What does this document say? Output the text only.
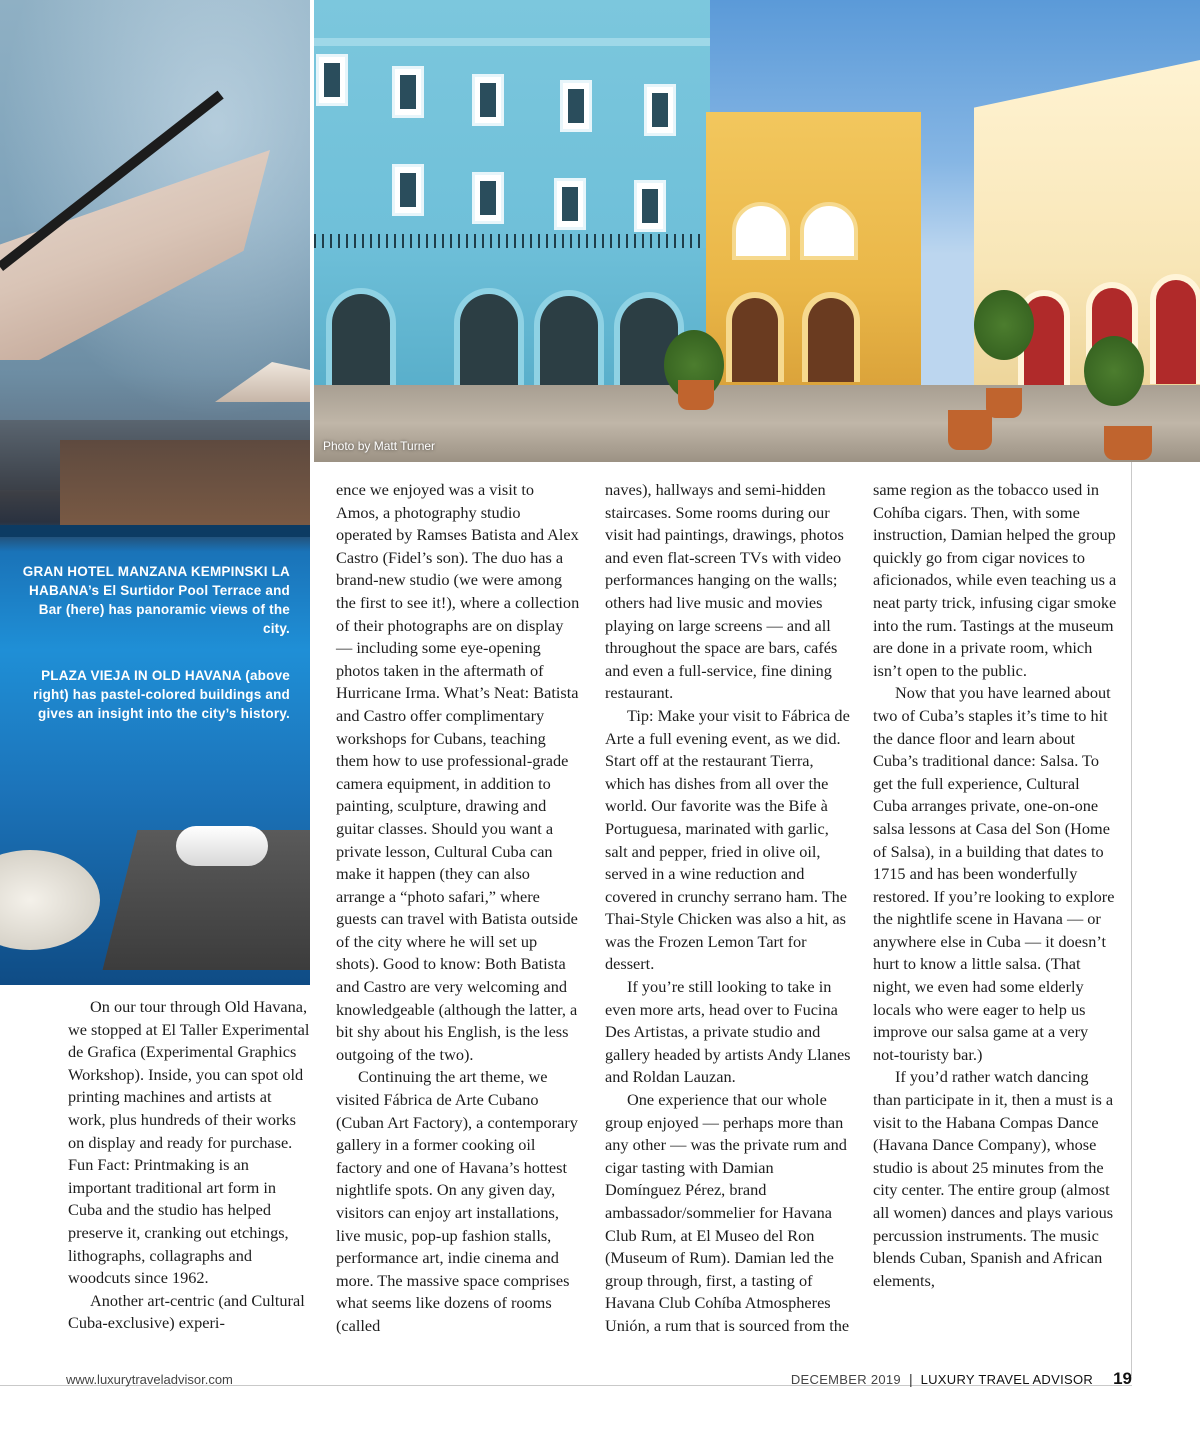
GRAN HOTEL MANZANA KEMPINSKI LA HABANA’s El Surtidor Pool Terrace and Bar (here) has panoramic views of the city.
PLAZA VIEJA IN OLD HAVANA (above right) has pastel-colored buildings and gives an insight into the city’s history.
Photo by Matt Turner

On our tour through Old Havana, we stopped at El Taller Experimental de Grafica (Experimental Graphics Workshop). Inside, you can spot old printing machines and artists at work, plus hundreds of their works on display and ready for purchase. Fun Fact: Printmaking is an important traditional art form in Cuba and the studio has helped preserve it, cranking out etchings, lithographs, collagraphs and woodcuts since 1962.

Another art-centric (and Cultural Cuba-exclusive) experi-

ence we enjoyed was a visit to Amos, a photography studio operated by Ramses Batista and Alex Castro (Fidel’s son). The duo has a brand-new studio (we were among the first to see it!), where a collection of their photographs are on display — including some eye-opening photos taken in the aftermath of Hurricane Irma. What’s Neat: Batista and Castro offer complimentary workshops for Cubans, teaching them how to use professional-grade camera equipment, in addition to painting, sculpture, drawing and guitar classes. Should you want a private lesson, Cultural Cuba can make it happen (they can also arrange a “photo safari,” where guests can travel with Batista outside of the city where he will set up shots). Good to know: Both Batista and Castro are very welcoming and knowledgeable (although the latter, a bit shy about his English, is the less outgoing of the two).

Continuing the art theme, we visited Fábrica de Arte Cubano (Cuban Art Factory), a contemporary gallery in a former cooking oil factory and one of Havana’s hottest nightlife spots. On any given day, visitors can enjoy art installations, live music, pop-up fashion stalls, performance art, indie cinema and more. The massive space comprises what seems like dozens of rooms (called

naves), hallways and semi-hidden staircases. Some rooms during our visit had paintings, drawings, photos and even flat-screen TVs with video performances hanging on the walls; others had live music and movies playing on large screens — and all throughout the space are bars, cafés and even a full-service, fine dining restaurant.

Tip: Make your visit to Fábrica de Arte a full evening event, as we did. Start off at the restaurant Tierra, which has dishes from all over the world. Our favorite was the Bife à Portuguesa, marinated with garlic, salt and pepper, fried in olive oil, served in a wine reduction and covered in crunchy serrano ham. The Thai-Style Chicken was also a hit, as was the Frozen Lemon Tart for dessert.

If you’re still looking to take in even more arts, head over to Fucina Des Artistas, a private studio and gallery headed by artists Andy Llanes and Roldan Lauzan.

One experience that our whole group enjoyed — perhaps more than any other — was the private rum and cigar tasting with Damian Domínguez Pérez, brand ambassador/sommelier for Havana Club Rum, at El Museo del Ron (Museum of Rum). Damian led the group through, first, a tasting of Havana Club Cohíba Atmospheres Unión, a rum that is sourced from the

same region as the tobacco used in Cohíba cigars. Then, with some instruction, Damian helped the group quickly go from cigar novices to aficionados, while even teaching us a neat party trick, infusing cigar smoke into the rum. Tastings at the museum are done in a private room, which isn’t open to the public.

Now that you have learned about two of Cuba’s staples it’s time to hit the dance floor and learn about Cuba’s traditional dance: Salsa. To get the full experience, Cultural Cuba arranges private, one-on-one salsa lessons at Casa del Son (Home of Salsa), in a building that dates to 1715 and has been wonderfully restored. If you’re looking to explore the nightlife scene in Havana — or anywhere else in Cuba — it doesn’t hurt to know a little salsa. (That night, we even had some elderly locals who were eager to help us improve our salsa game at a very not-touristy bar.)

If you’d rather watch dancing than participate in it, then a must is a visit to the Habana Compas Dance (Havana Dance Company), whose studio is about 25 minutes from the city center. The entire group (almost all women) dances and plays various percussion instruments. The music blends Cuban, Spanish and African elements,

www.luxurytraveladvisor.com	DECEMBER 2019 | LUXURY TRAVEL ADVISOR 19
